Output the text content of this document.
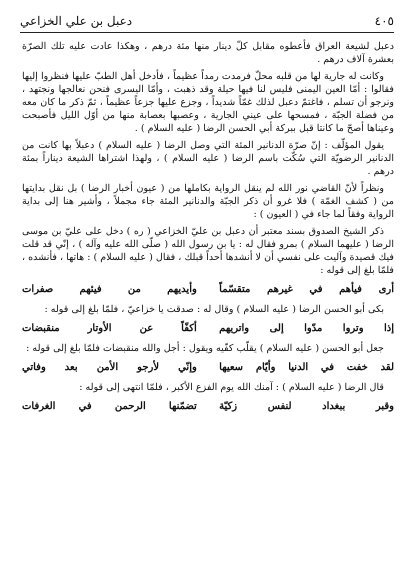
٤٠٥
دعبل بن علي الخزاعي

دعبل لشيعة العراق فأعطوه مقابل كلّ دينار منها مئة درهم ، وهكذا عادت عليه تلك الصرّة بعشرة آلاف درهم .

وكانت له جارية لها من قلبه محلّ فرمدت رمداً عظيماً ، فأدخل أهل الطبّ عليها فنظروا إليها فقالوا : أمّا العين اليمنى فليس لنا فيها حيلة وقد ذهبت ، وأمّا اليسرى فنحن نعالجها ونجتهد ، ونرجو أن تسلم ، فاغتمّ دعبل لذلك غمّاً شديداً ، وجزع عليها جزعاً عظيماً ، ثمّ ذكر ما كان معه من فضلة الجبّة ، فمسحها على عيني الجارية ، وعصبها بعصابة منها من أوّل الليل فأصبحت وعيناها أصحّ ما كانتا قبل ببركة أبي الحسن الرضا ( عليه السلام ) .

يقول المؤلّف : إنّ صرّة الدنانير المئة التي وصل الرضا ( عليه السلام ) دعبلاً بها كانت من الدنانير الرضويّة التي سُكّت باسم الرضا ( عليه السلام ) ، ولهذا اشتراها الشيعة ديناراً بمئة درهم .

ونظراً لأنّ القاضي نور الله لم ينقل الرواية بكاملها من ( عيون أخبار الرضا ) بل نقل بدايتها من ( كشف الغمّة ) فلا غرو أن ذكر الجبّة والدنانير المئة جاء مجملاً ، وأشير هنا إلى بداية الرواية وفقاً لما جاء في ( العيون ) :

ذكر الشيخ الصدوق بسند معتبر أن دعبل بن عليّ الخزاعي ( ره ) دخل على عليّ بن موسى الرضا ( عليهما السلام ) بمرو فقال له : يا بن رسول الله ( صلّى الله عليه وآله ) ، إنّي قد قلت فيك قصيدة وآليت على نفسي أن لا أنشدها أحداً قبلك ، فقال ( عليه السلام ) : هاتها ، فأنشده ، فلمّا بلغ إلى قوله :

أرى فيأهم في غيرهم متقسّماً
وأيديهم من فيئهم صفرات

بكى أبو الحسن الرضا ( عليه السلام ) وقال له : صدقت يا خزاعيّ ، فلمّا بلغ إلى قوله :

إذا وتروا مدّوا إلى واتريهم
أكفّاً عن الأوتار منقبضات

جعل أبو الحسن ( عليه السلام ) يقلّب كفّيه ويقول : أجل والله منقبضات فلمّا بلغ إلى قوله :

لقد خفت في الدنيا وأيّام سعيها
وإنّي لأرجو الأمن بعد وفاتي

قال الرضا ( عليه السلام ) : آمنك الله يوم الفزع الأكبر ، فلمّا انتهى إلى قوله :

وقبر ببغداد لنفس زكيّة
تضمّنها الرحمن في الغرفات
